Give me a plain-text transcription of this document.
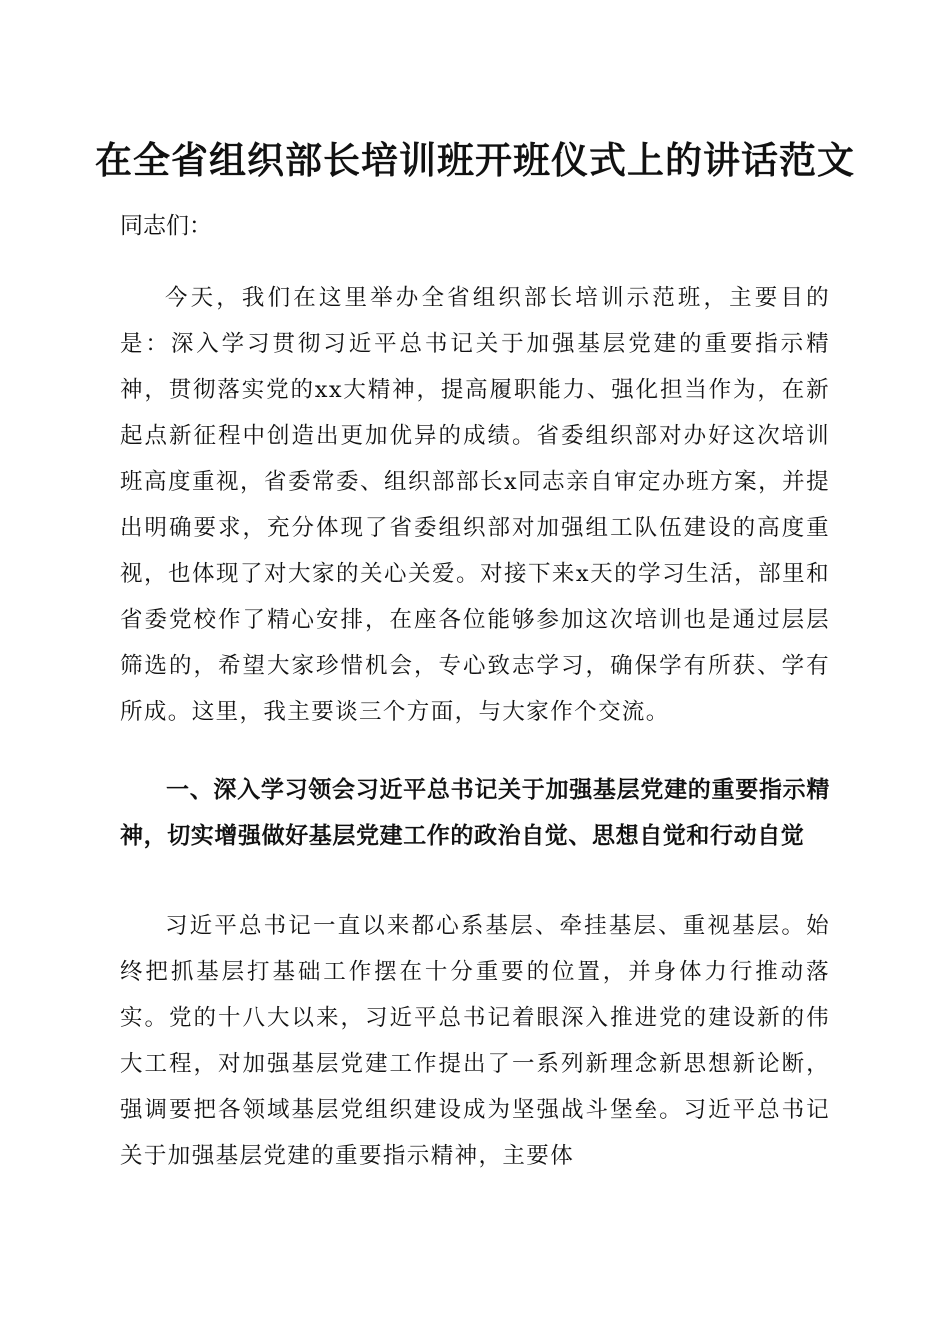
在全省组织部长培训班开班仪式上的讲话范文

同志们：

今天，我们在这里举办全省组织部长培训示范班，主要目的是：深入学习贯彻习近平总书记关于加强基层党建的重要指示精神，贯彻落实党的xx大精神，提高履职能力、强化担当作为，在新起点新征程中创造出更加优异的成绩。省委组织部对办好这次培训班高度重视，省委常委、组织部部长x同志亲自审定办班方案，并提出明确要求，充分体现了省委组织部对加强组工队伍建设的高度重视，也体现了对大家的关心关爱。对接下来x天的学习生活，部里和省委党校作了精心安排，在座各位能够参加这次培训也是通过层层筛选的，希望大家珍惜机会，专心致志学习，确保学有所获、学有所成。这里，我主要谈三个方面，与大家作个交流。

一、深入学习领会习近平总书记关于加强基层党建的重要指示精神，切实增强做好基层党建工作的政治自觉、思想自觉和行动自觉

习近平总书记一直以来都心系基层、牵挂基层、重视基层。始终把抓基层打基础工作摆在十分重要的位置，并身体力行推动落实。党的十八大以来，习近平总书记着眼深入推进党的建设新的伟大工程，对加强基层党建工作提出了一系列新理念新思想新论断，强调要把各领域基层党组织建设成为坚强战斗堡垒。习近平总书记关于加强基层党建的重要指示精神，主要体
